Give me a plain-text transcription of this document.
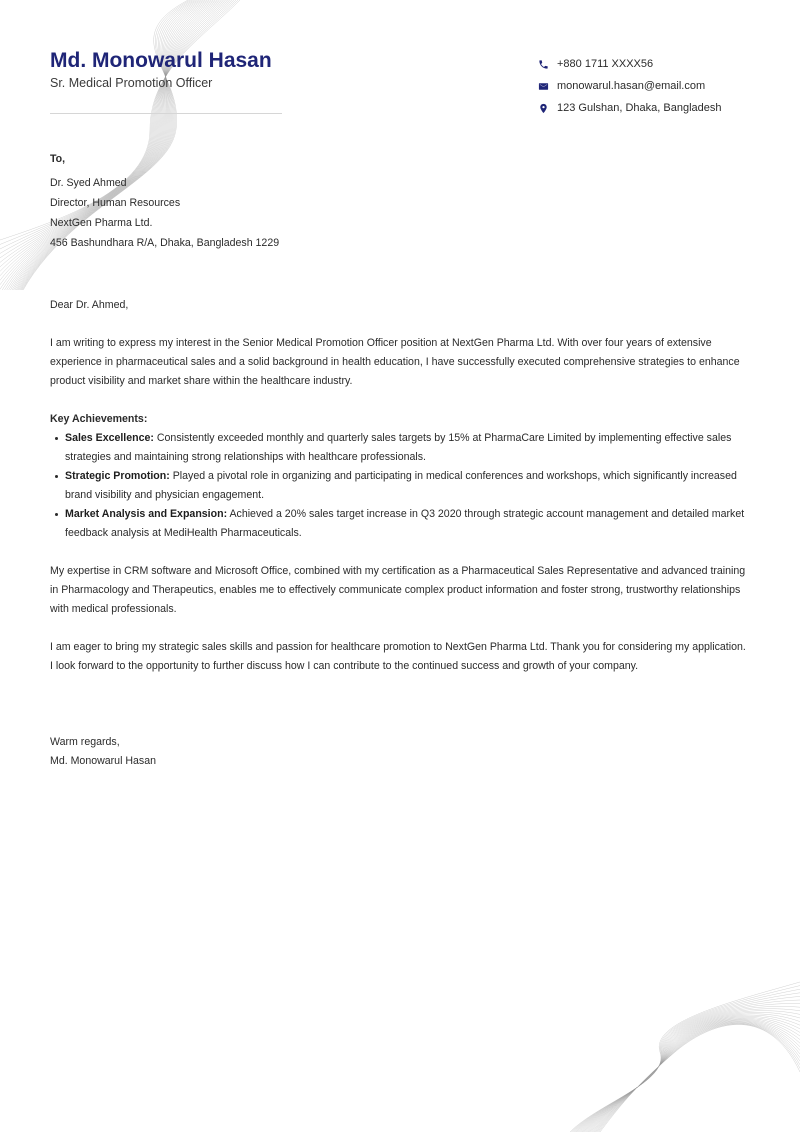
Md. Monowarul Hasan
Sr. Medical Promotion Officer
+880 1711 XXXX56
monowarul.hasan@email.com
123 Gulshan, Dhaka, Bangladesh
To,
Dr. Syed Ahmed
Director, Human Resources
NextGen Pharma Ltd.
456 Bashundhara R/A, Dhaka, Bangladesh 1229
Dear Dr. Ahmed,

I am writing to express my interest in the Senior Medical Promotion Officer position at NextGen Pharma Ltd. With over four years of extensive experience in pharmaceutical sales and a solid background in health education, I have successfully executed comprehensive strategies to enhance product visibility and market share within the healthcare industry.

Key Achievements:
Sales Excellence: Consistently exceeded monthly and quarterly sales targets by 15% at PharmaCare Limited by implementing effective sales strategies and maintaining strong relationships with healthcare professionals.
Strategic Promotion: Played a pivotal role in organizing and participating in medical conferences and workshops, which significantly increased brand visibility and physician engagement.
Market Analysis and Expansion: Achieved a 20% sales target increase in Q3 2020 through strategic account management and detailed market feedback analysis at MediHealth Pharmaceuticals.

My expertise in CRM software and Microsoft Office, combined with my certification as a Pharmaceutical Sales Representative and advanced training in Pharmacology and Therapeutics, enables me to effectively communicate complex product information and foster strong, trustworthy relationships with medical professionals.

I am eager to bring my strategic sales skills and passion for healthcare promotion to NextGen Pharma Ltd. Thank you for considering my application. I look forward to the opportunity to further discuss how I can contribute to the continued success and growth of your company.

Warm regards,
Md. Monowarul Hasan
